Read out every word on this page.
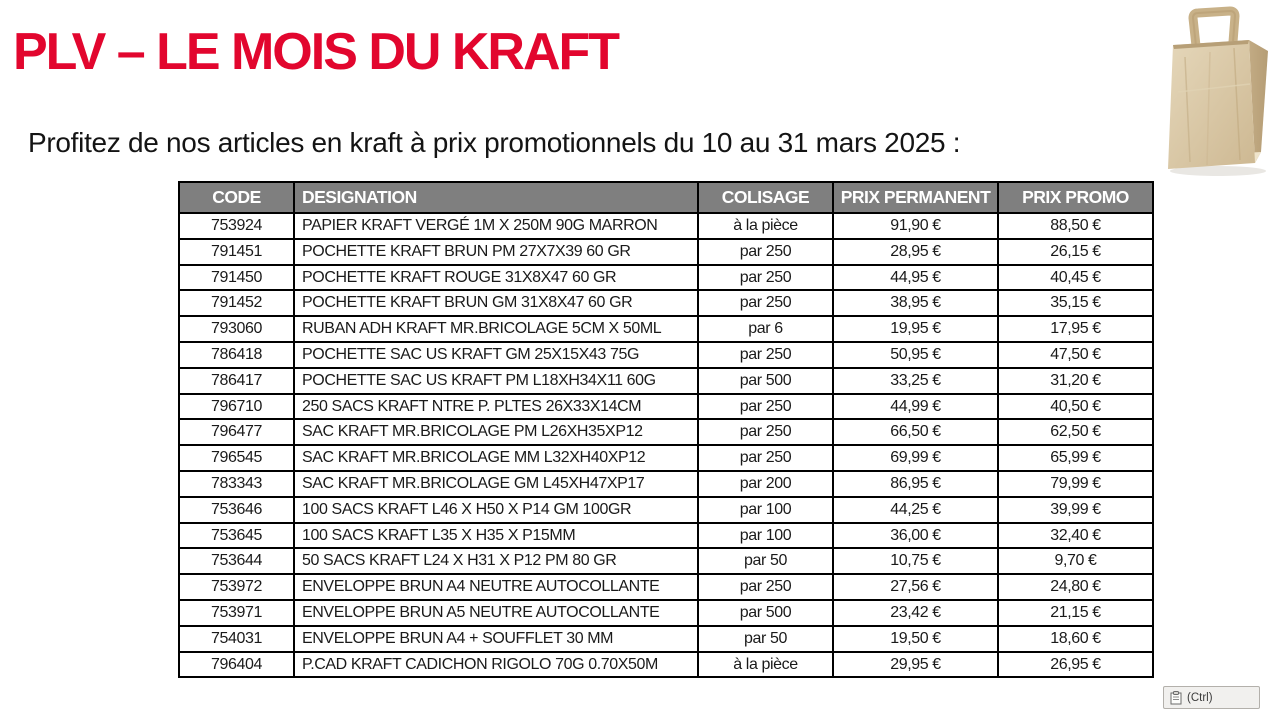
PLV – LE MOIS DU KRAFT
Profitez de nos articles en kraft à prix promotionnels du 10 au 31 mars 2025 :
CODE	DESIGNATION	COLISAGE	PRIX PERMANENT	PRIX PROMO
753924	PAPIER KRAFT VERGÉ 1M X 250M 90G MARRON	à la pièce	91,90 €	88,50 €
791451	POCHETTE KRAFT BRUN PM 27X7X39 60 GR	par 250	28,95 €	26,15 €
791450	POCHETTE KRAFT ROUGE 31X8X47 60 GR	par 250	44,95 €	40,45 €
791452	POCHETTE KRAFT BRUN GM 31X8X47 60 GR	par 250	38,95 €	35,15 €
793060	RUBAN ADH KRAFT MR.BRICOLAGE 5CM X 50ML	par 6	19,95 €	17,95 €
786418	POCHETTE SAC US KRAFT GM 25X15X43 75G	par 250	50,95 €	47,50 €
786417	POCHETTE SAC US KRAFT PM L18XH34X11 60G	par 500	33,25 €	31,20 €
796710	250 SACS KRAFT NTRE P. PLTES 26X33X14CM	par 250	44,99 €	40,50 €
796477	SAC KRAFT MR.BRICOLAGE PM L26XH35XP12	par 250	66,50 €	62,50 €
796545	SAC KRAFT MR.BRICOLAGE MM L32XH40XP12	par 250	69,99 €	65,99 €
783343	SAC KRAFT MR.BRICOLAGE GM L45XH47XP17	par 200	86,95 €	79,99 €
753646	100 SACS KRAFT L46 X H50 X P14 GM 100GR	par 100	44,25 €	39,99 €
753645	100 SACS KRAFT L35 X H35 X P15MM	par 100	36,00 €	32,40 €
753644	50 SACS KRAFT L24 X H31 X P12 PM 80 GR	par 50	10,75 €	9,70 €
753972	ENVELOPPE BRUN A4 NEUTRE AUTOCOLLANTE	par 250	27,56 €	24,80 €
753971	ENVELOPPE BRUN A5 NEUTRE AUTOCOLLANTE	par 500	23,42 €	21,15 €
754031	ENVELOPPE BRUN A4 + SOUFFLET 30 MM	par 50	19,50 €	18,60 €
796404	P.CAD KRAFT CADICHON RIGOLO 70G 0.70X50M	à la pièce	29,95 €	26,95 €
(Ctrl)
